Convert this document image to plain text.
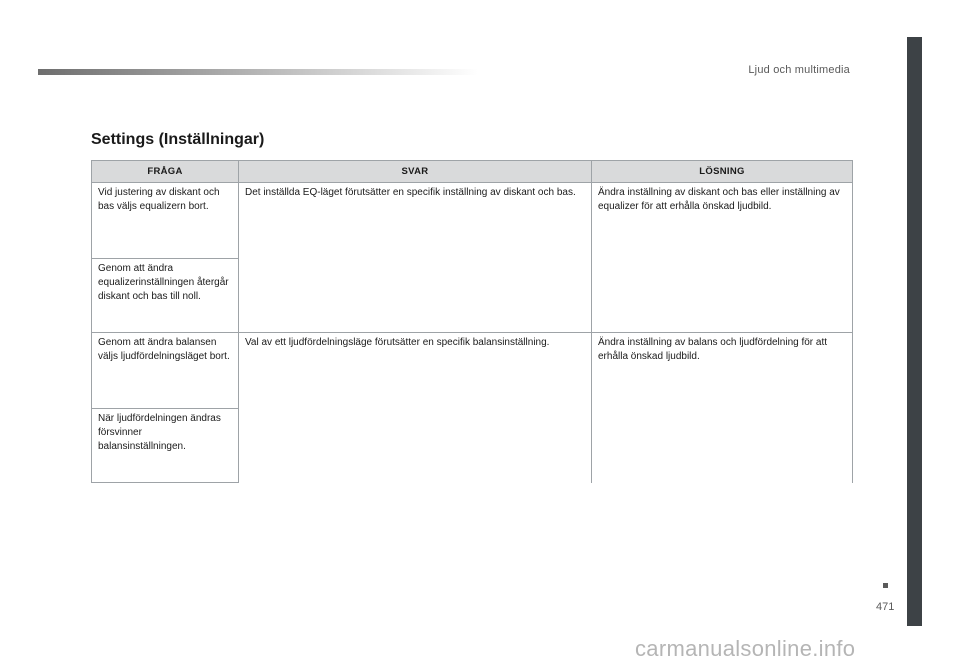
Ljud och multimedia
471
Settings (Inställningar)
FRÅGA	SVAR	LÖSNING

Vid justering av diskant och bas väljs equalizern bort.	Det inställda EQ-läget förutsätter en specifik inställning av diskant och bas.	Ändra inställning av diskant och bas eller inställning av equalizer för att erhålla önskad ljudbild.

Genom att ändra equalizerinställningen återgår diskant och bas till noll.		

Genom att ändra balansen väljs ljudfördelningsläget bort.	Val av ett ljudfördelningsläge förutsätter en specifik balansinställning.	Ändra inställning av balans och ljudfördelning för att erhålla önskad ljudbild.

När ljudfördelningen ändras försvinner balansinställningen.		

carmanualsonline.info
